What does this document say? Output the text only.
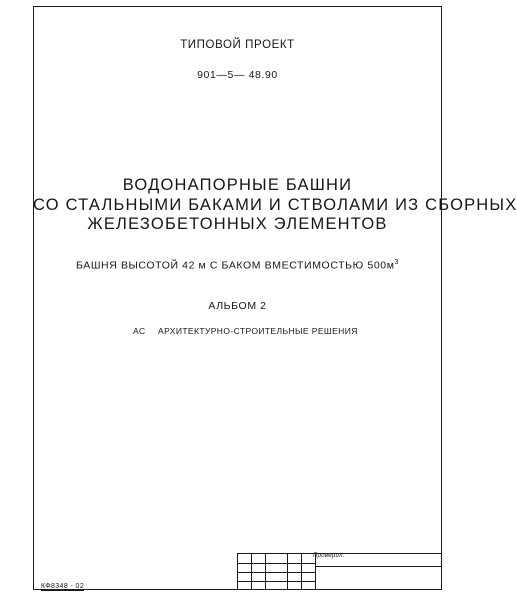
ТИПОВОЙ ПРОЕКТ
901—5— 48.90
ВОДОНАПОРНЫЕ БАШНИ
СО СТАЛЬНЫМИ БАКАМИ И СТВОЛАМИ ИЗ СБОРНЫХ
ЖЕЛЕЗОБЕТОННЫХ ЭЛЕМЕНТОВ
БАШНЯ ВЫСОТОЙ 42 м С БАКОМ ВМЕСТИМОСТЬЮ $500м^3$
АЛЬБОМ 2
АС АРХИТЕКТУРНО-СТРОИТЕЛЬНЫЕ РЕШЕНИЯ
Проверил:
КФ8348 - 02
